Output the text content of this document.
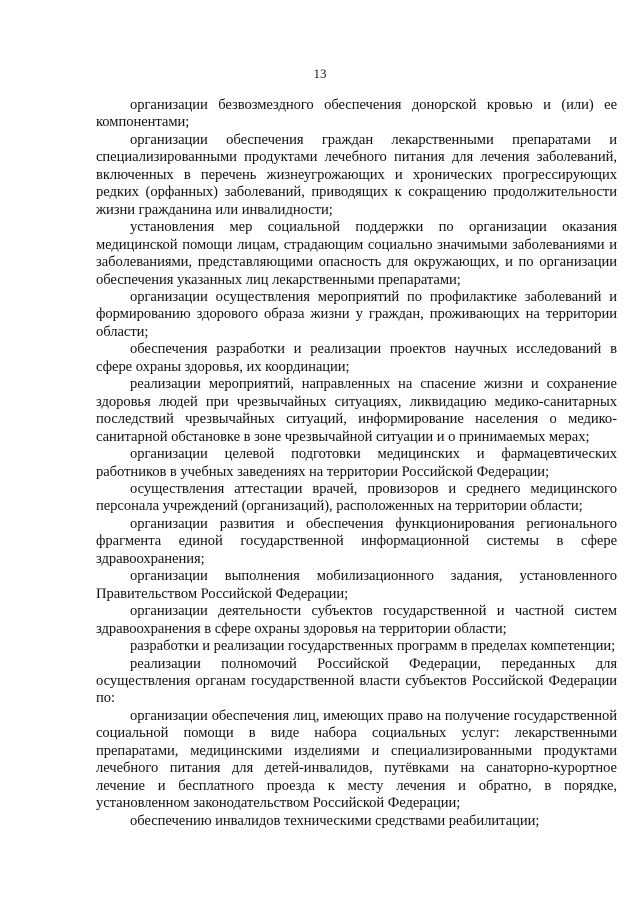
13

организации безвозмездного обеспечения донорской кровью и (или) ее компонентами;

организации обеспечения граждан лекарственными препаратами и специализированными продуктами лечебного питания для лечения заболеваний, включенных в перечень жизнеугрожающих и хронических прогрессирующих редких (орфанных) заболеваний, приводящих к сокращению продолжительности жизни гражданина или инвалидности;

установления мер социальной поддержки по организации оказания медицинской помощи лицам, страдающим социально значимыми заболеваниями и заболеваниями, представляющими опасность для окружающих, и по организации обеспечения указанных лиц лекарственными препаратами;

организации осуществления мероприятий по профилактике заболеваний и формированию здорового образа жизни у граждан, проживающих на территории области;

обеспечения разработки и реализации проектов научных исследований в сфере охраны здоровья, их координации;

реализации мероприятий, направленных на спасение жизни и сохранение здоровья людей при чрезвычайных ситуациях, ликвидацию медико-санитарных последствий чрезвычайных ситуаций, информирование населения о медико-санитарной обстановке в зоне чрезвычайной ситуации и о принимаемых мерах;

организации целевой подготовки медицинских и фармацевтических работников в учебных заведениях на территории Российской Федерации;

осуществления аттестации врачей, провизоров и среднего медицинского персонала учреждений (организаций), расположенных на территории области;

организации развития и обеспечения функционирования регионального фрагмента единой государственной информационной системы в сфере здравоохранения;

организации выполнения мобилизационного задания, установленного Правительством Российской Федерации;

организации деятельности субъектов государственной и частной систем здравоохранения в сфере охраны здоровья на территории области;

разработки и реализации государственных программ в пределах компетенции;

реализации полномочий Российской Федерации, переданных для осуществления органам государственной власти субъектов Российской Федерации по:

организации обеспечения лиц, имеющих право на получение государственной социальной помощи в виде набора социальных услуг: лекарственными препаратами, медицинскими изделиями и специализированными продуктами лечебного питания для детей-инвалидов, путёвками на санаторно-курортное лечение и бесплатного проезда к месту лечения и обратно, в порядке, установленном законодательством Российской Федерации;

обеспечению инвалидов техническими средствами реабилитации;
